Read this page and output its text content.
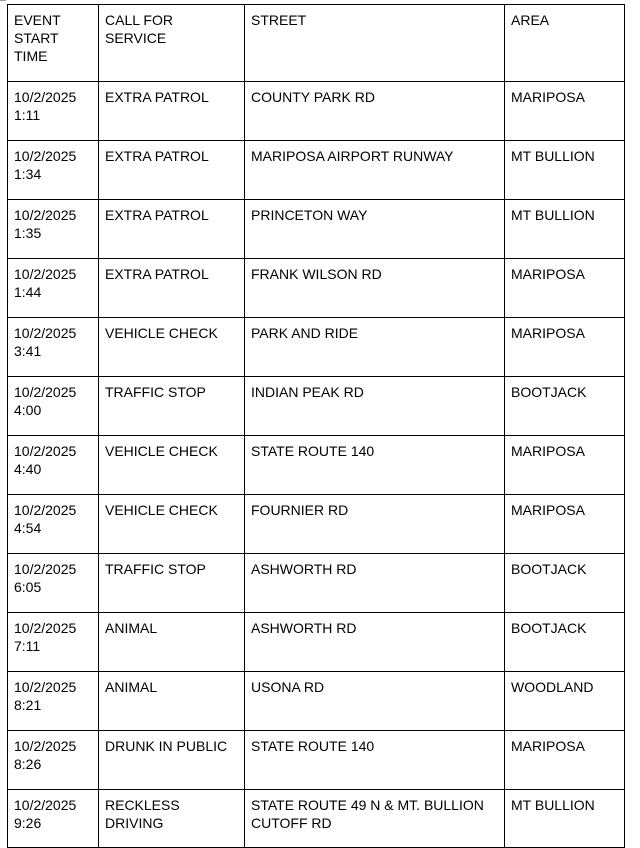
EVENT
START
TIME	CALL FOR
SERVICE	STREET	AREA

10/2/2025
1:11	EXTRA PATROL	COUNTY PARK RD	MARIPOSA

10/2/2025
1:34	EXTRA PATROL	MARIPOSA AIRPORT RUNWAY	MT BULLION

10/2/2025
1:35	EXTRA PATROL	PRINCETON WAY	MT BULLION

10/2/2025
1:44	EXTRA PATROL	FRANK WILSON RD	MARIPOSA

10/2/2025
3:41	VEHICLE CHECK	PARK AND RIDE	MARIPOSA

10/2/2025
4:00	TRAFFIC STOP	INDIAN PEAK RD	BOOTJACK

10/2/2025
4:40	VEHICLE CHECK	STATE ROUTE 140	MARIPOSA

10/2/2025
4:54	VEHICLE CHECK	FOURNIER RD	MARIPOSA

10/2/2025
6:05	TRAFFIC STOP	ASHWORTH RD	BOOTJACK

10/2/2025
7:11	ANIMAL	ASHWORTH RD	BOOTJACK

10/2/2025
8:21	ANIMAL	USONA RD	WOODLAND

10/2/2025
8:26	DRUNK IN PUBLIC	STATE ROUTE 140	MARIPOSA

10/2/2025
9:26	RECKLESS
DRIVING	STATE ROUTE 49 N & MT. BULLION
CUTOFF RD	MT BULLION
